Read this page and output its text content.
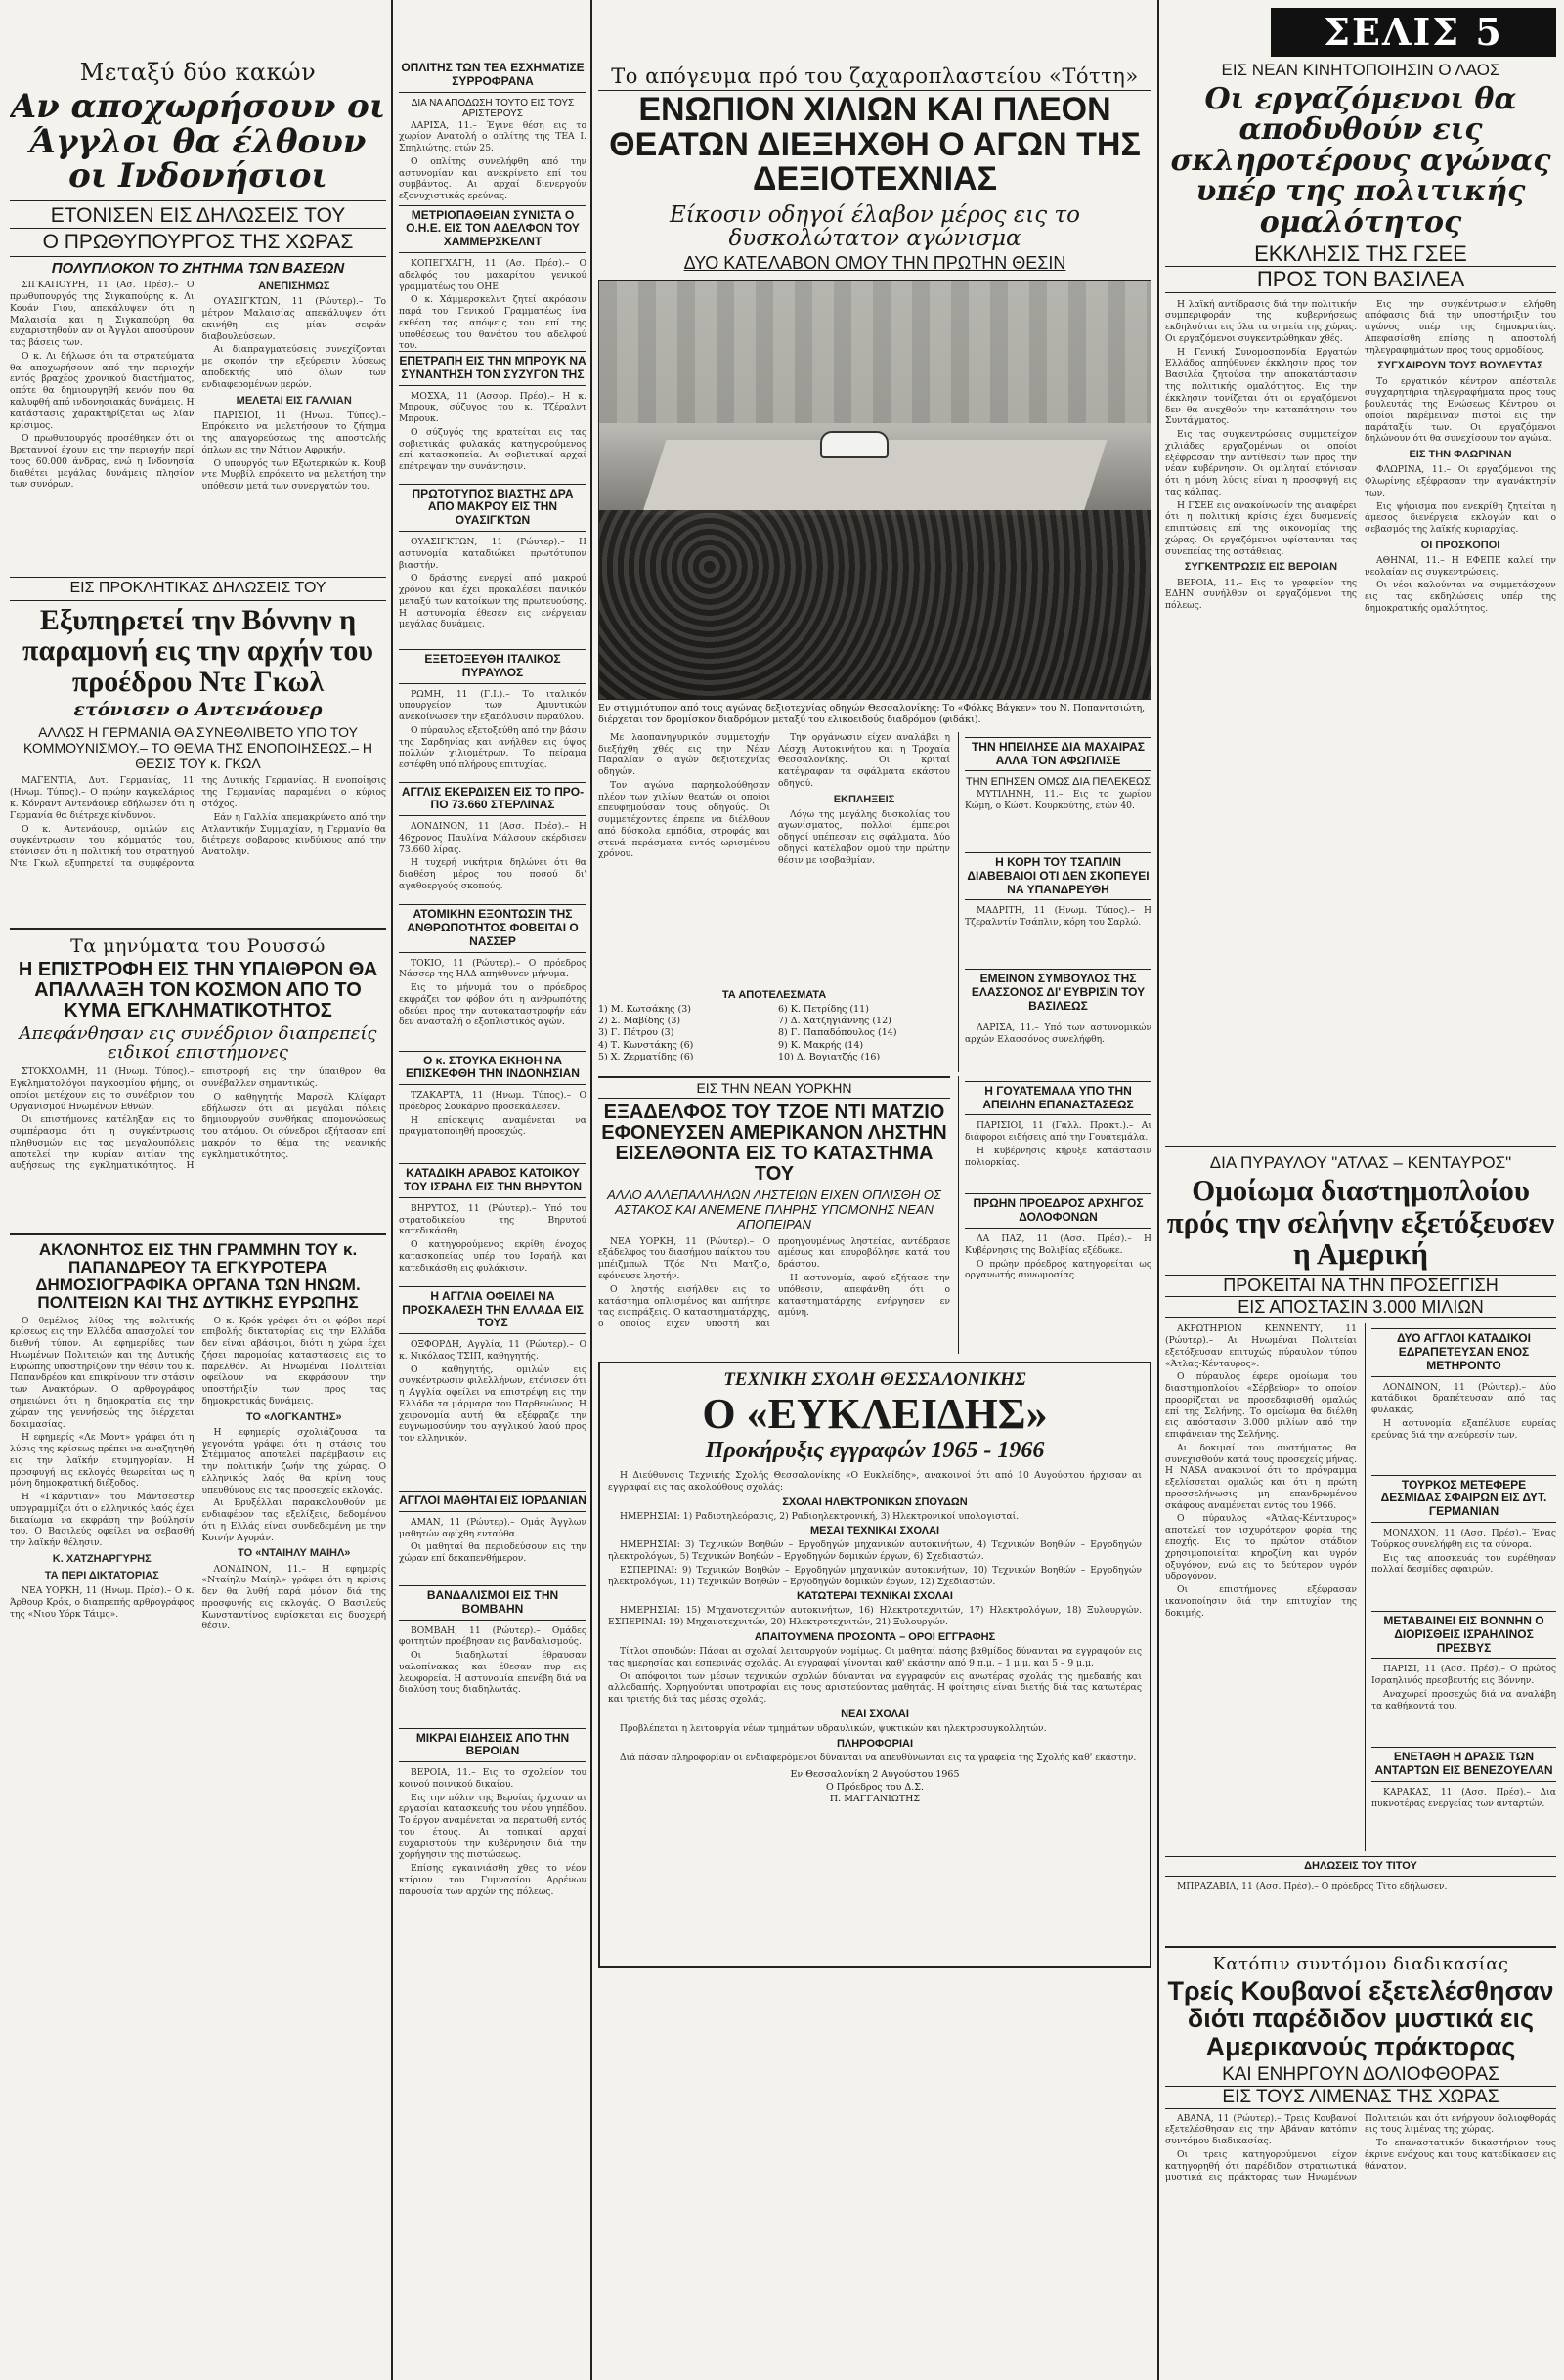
Μεταξύ δύο κακών
Αν αποχωρήσουν οι Άγγλοι θα έλθουν οι Ινδονήσιοι
ΕΤΟΝΙΣΕΝ ΕΙΣ ΔΗΛΩΣΕΙΣ ΤΟΥ
Ο ΠΡΩΘΥΠΟΥΡΓΟΣ ΤΗΣ ΧΩΡΑΣ
ΠΟΛΥΠΛΟΚΟΝ ΤΟ ΖΗΤΗΜΑ ΤΩΝ ΒΑΣΕΩΝ

ΣΙΓΚΑΠΟΥΡΗ, 11 (Ασ. Πρέσ).– Ο πρωθυπουργός της Σιγκαπούρης κ. Λι Κουάν Γιου, απεκάλυψεν ότι η Μαλαισία και η Σιγκαπούρη θα ευχαριστηθούν αν οι Άγγλοι αποσύρουν τας βάσεις των.

Ο κ. Λι δήλωσε ότι τα στρατεύματα θα αποχωρήσουν από την περιοχήν εντός βραχέος χρονικού διαστήματος, οπότε θα δημιουργηθή κενόν που θα καλυφθή από ινδονησιακάς δυνάμεις. Η κατάστασις χαρακτηρίζεται ως λίαν κρίσιμος.

Ο πρωθυπουργός προσέθηκεν ότι οι Βρεταννοί έχουν εις την περιοχήν περί τους 60.000 άνδρας, ενώ η Ινδονησία διαθέτει μεγάλας δυνάμεις πλησίον των συνόρων.

ΑΝΕΠΙΣΗΜΩΣ

ΟΥΑΣΙΓΚΤΩΝ, 11 (Ρώυτερ).– Το μέτρον Μαλαισίας απεκάλυψεν ότι εκινήθη εις μίαν σειράν διαβουλεύσεων.

Αι διαπραγματεύσεις συνεχίζονται με σκοπόν την εξεύρεσιν λύσεως αποδεκτής υπό όλων των ενδιαφερομένων μερών.

ΜΕΛΕΤΑΙ ΕΙΣ ΓΑΛΛΙΑΝ

ΠΑΡΙΣΙΟΙ, 11 (Ηνωμ. Τύπος).– Επρόκειτο να μελετήσουν το ζήτημα της απαγορεύσεως της αποστολής όπλων εις την Νότιον Αφρικήν.

Ο υπουργός των Εξωτερικών κ. Κουβ ντε Μυρβίλ επρόκειτο να μελετήση την υπόθεσιν μετά των συνεργατών του.

ΕΙΣ ΠΡΟΚΛΗΤΙΚΑΣ ΔΗΛΩΣΕΙΣ ΤΟΥ
Εξυπηρετεί την Βόννην η παραμονή εις την αρχήν του προέδρου Ντε Γκωλ
ετόνισεν ο Αντενάουερ
ΑΛΛΩΣ Η ΓΕΡΜΑΝΙΑ ΘΑ ΣΥΝΕΘΛΙΒΕΤΟ ΥΠΟ ΤΟΥ ΚΟΜΜΟΥΝΙΣΜΟΥ.– ΤΟ ΘΕΜΑ ΤΗΣ ΕΝΟΠΟΙΗΣΕΩΣ.– Η ΘΕΣΙΣ ΤΟΥ κ. ΓΚΩΛ

ΜΑΓΕΝΤΙΑ, Δυτ. Γερμανίας, 11 (Ηνωμ. Τύπος).– Ο πρώην καγκελάριος κ. Κόνραντ Αντενάουερ εδήλωσεν ότι η Γερμανία θα διέτρεχε κίνδυνον.

Ο κ. Αντενάουερ, ομιλών εις συγκέντρωσιν του κόμματός του, ετόνισεν ότι η πολιτική του στρατηγού Ντε Γκωλ εξυπηρετεί τα συμφέροντα της Δυτικής Γερμανίας. Η ενοποίησις της Γερμανίας παραμένει ο κύριος στόχος.

Εάν η Γαλλία απεμακρύνετο από την Ατλαντικήν Συμμαχίαν, η Γερμανία θα διέτρεχε σοβαρούς κινδύνους από την Ανατολήν.

Τα μηνύματα του Ρουσσώ
Η ΕΠΙΣΤΡΟΦΗ ΕΙΣ ΤΗΝ ΥΠΑΙΘΡΟΝ ΘΑ ΑΠΑΛΛΑΞΗ ΤΟΝ ΚΟΣΜΟΝ ΑΠΟ ΤΟ ΚΥΜΑ ΕΓΚΛΗΜΑΤΙΚΟΤΗΤΟΣ
Απεφάνθησαν εις συνέδριον διαπρεπείς ειδικοί επιστήμονες

ΣΤΟΚΧΟΛΜΗ, 11 (Ηνωμ. Τύπος).– Εγκληματολόγοι παγκοσμίου φήμης, οι οποίοι μετέχουν εις το συνέδριον του Οργανισμού Ηνωμένων Εθνών.

Οι επιστήμονες κατέληξαν εις το συμπέρασμα ότι η συγκέντρωσις πληθυσμών εις τας μεγαλουπόλεις αποτελεί την κυρίαν αιτίαν της αυξήσεως της εγκληματικότητος. Η επιστροφή εις την ύπαιθρον θα συνέβαλλεν σημαντικώς.

Ο καθηγητής Μαρσέλ Κλίφαρτ εδήλωσεν ότι αι μεγάλαι πόλεις δημιουργούν συνθήκας απομονώσεως του ατόμου. Οι σύνεδροι εξήτασαν επί μακρόν το θέμα της νεανικής εγκληματικότητος.

ΑΚΛΟΝΗΤΟΣ ΕΙΣ ΤΗΝ ΓΡΑΜΜΗΝ ΤΟΥ κ. ΠΑΠΑΝΔΡΕΟΥ ΤΑ ΕΓΚΥΡΟΤΕΡΑ ΔΗΜΟΣΙΟΓΡΑΦΙΚΑ ΟΡΓΑΝΑ ΤΩΝ ΗΝΩΜ. ΠΟΛΙΤΕΙΩΝ ΚΑΙ ΤΗΣ ΔΥΤΙΚΗΣ ΕΥΡΩΠΗΣ

Ο θεμέλιος λίθος της πολιτικής κρίσεως εις την Ελλάδα απασχολεί τον διεθνή τύπον. Αι εφημερίδες των Ηνωμένων Πολιτειών και της Δυτικής Ευρώπης υποστηρίζουν την θέσιν του κ. Παπανδρέου και επικρίνουν την στάσιν των Ανακτόρων. Ο αρθρογράφος σημειώνει ότι η δημοκρατία εις την χώραν της γεννήσεώς της διέρχεται δοκιμασίας.

Η εφημερίς «Λε Μοντ» γράφει ότι η λύσις της κρίσεως πρέπει να αναζητηθή εις την λαϊκήν ετυμηγορίαν. Η προσφυγή εις εκλογάς θεωρείται ως η μόνη δημοκρατική διέξοδος.

Η «Γκάρντιαν» του Μάντσεστερ υπογραμμίζει ότι ο ελληνικός λαός έχει δικαίωμα να εκφράση την βούλησίν του. Ο Βασιλεύς οφείλει να σεβασθή την λαϊκήν θέλησιν.

Κ. ΧΑΤΖΗΑΡΓΥΡΗΣ
ΤΑ ΠΕΡΙ ΔΙΚΤΑΤΟΡΙΑΣ

ΝΕΑ ΥΟΡΚΗ, 11 (Ηνωμ. Πρέσ).– Ο κ. Άρθουρ Κρόκ, ο διαπρεπής αρθρογράφος της «Νιου Υόρκ Τάιμς».

Ο κ. Κρόκ γράφει ότι οι φόβοι περί επιβολής δικτατορίας εις την Ελλάδα δεν είναι αβάσιμοι, διότι η χώρα έχει ζήσει παρομοίας καταστάσεις εις το παρελθόν. Αι Ηνωμέναι Πολιτείαι οφείλουν να εκφράσουν την υποστήριξίν των προς τας δημοκρατικάς δυνάμεις.

ΤΟ «ΛΟΓΚΑΝΤΗΣ»

Η εφημερίς σχολιάζουσα τα γεγονότα γράφει ότι η στάσις του Στέμματος αποτελεί παρέμβασιν εις την πολιτικήν ζωήν της χώρας. Ο ελληνικός λαός θα κρίνη τους υπευθύνους εις τας προσεχείς εκλογάς.

Αι Βρυξέλλαι παρακολουθούν με ενδιαφέρον τας εξελίξεις, δεδομένου ότι η Ελλάς είναι συνδεδεμένη με την Κοινήν Αγοράν.

ΤΟ «ΝΤΑΙΗΛΥ ΜΑΙΗΛ»

ΛΟΝΔΙΝΟΝ, 11.– Η εφημερίς «Νταίηλυ Μαίηλ» γράφει ότι η κρίσις δεν θα λυθή παρά μόνον διά της προσφυγής εις εκλογάς. Ο Βασιλεύς Κωνσταντίνος ευρίσκεται εις δυσχερή θέσιν.

ΟΠΛΙΤΗΣ ΤΩΝ ΤΕΑ ΕΣΧΗΜΑΤΙΣΕ ΣΥΡΡΟΦΡΑΝΑ
ΔΙΑ ΝΑ ΑΠΟΔΩΣΗ ΤΟΥΤΟ ΕΙΣ ΤΟΥΣ ΑΡΙΣΤΕΡΟΥΣ

ΛΑΡΙΣΑ, 11.– Έγινε θέση εις το χωρίον Ανατολή ο οπλίτης της ΤΕΑ Ι. Σπηλιώτης, ετών 25.

Ο οπλίτης συνελήφθη από την αστυνομίαν και ανεκρίνετο επί του συμβάντος. Αι αρχαί διενεργούν εξονυχιστικάς ερεύνας.

ΜΕΤΡΙΟΠΑΘΕΙΑΝ ΣΥΝΙΣΤΑ Ο Ο.Η.Ε. ΕΙΣ ΤΟΝ ΑΔΕΛΦΟΝ ΤΟΥ ΧΑΜΜΕΡΣΚΕΛΝΤ

ΚΟΠΕΓΧΑΓΗ, 11 (Ασ. Πρέσ).– Ο αδελφός του μακαρίτου γενικού γραμματέως του ΟΗΕ.

Ο κ. Χάμμερσκελντ ζητεί ακρόασιν παρά του Γενικού Γραμματέως ίνα εκθέση τας απόψεις του επί της υποθέσεως του θανάτου του αδελφού του.

ΕΠΕΤΡΑΠΗ ΕΙΣ ΤΗΝ ΜΠΡΟΥΚ ΝΑ ΣΥΝΑΝΤΗΣΗ ΤΟΝ ΣΥΖΥΓΟΝ ΤΗΣ

ΜΟΣΧΑ, 11 (Ασσορ. Πρέσ).– Η κ. Μπρουκ, σύζυγος του κ. Τζέραλντ Μπρουκ.

Ο σύζυγός της κρατείται εις τας σοβιετικάς φυλακάς κατηγορούμενος επί κατασκοπεία. Αι σοβιετικαί αρχαί επέτρεψαν την συνάντησιν.

ΠΡΩΤΟΤΥΠΟΣ ΒΙΑΣΤΗΣ ΔΡΑ ΑΠΟ ΜΑΚΡΟΥ ΕΙΣ ΤΗΝ ΟΥΑΣΙΓΚΤΩΝ

ΟΥΑΣΙΓΚΤΩΝ, 11 (Ρώυτερ).– Η αστυνομία καταδιώκει πρωτότυπον βιαστήν.

Ο δράστης ενεργεί από μακρού χρόνου και έχει προκαλέσει πανικόν μεταξύ των κατοίκων της πρωτευούσης. Η αστυνομία έθεσεν εις ενέργειαν μεγάλας δυνάμεις.

ΕΞΕΤΟΞΕΥΘΗ ΙΤΑΛΙΚΟΣ ΠΥΡΑΥΛΟΣ

ΡΩΜΗ, 11 (Γ.Ι.).– Το ιταλικόν υπουργείον των Αμυντικών ανεκοίνωσεν την εξαπόλυσιν πυραύλου.

Ο πύραυλος εξετοξεύθη από την βάσιν της Σαρδηνίας και ανήλθεν εις ύψος πολλών χιλιομέτρων. Το πείραμα εστέφθη υπό πλήρους επιτυχίας.

ΑΓΓΛΙΣ ΕΚΕΡΔΙΣΕΝ ΕΙΣ ΤΟ ΠΡΟ-ΠΟ 73.660 ΣΤΕΡΛΙΝΑΣ

ΛΟΝΔΙΝΟΝ, 11 (Ασσ. Πρέσ).– Η 46χρονος Παυλίνα Μάλσουν εκέρδισεν 73.660 λίρας.

Η τυχερή νικήτρια δηλώνει ότι θα διαθέση μέρος του ποσού δι' αγαθοεργούς σκοπούς.

ΑΤΟΜΙΚΗΝ ΕΞΟΝΤΩΣΙΝ ΤΗΣ ΑΝΘΡΩΠΟΤΗΤΟΣ ΦΟΒΕΙΤΑΙ Ο ΝΑΣΣΕΡ

ΤΟΚΙΟ, 11 (Ρώυτερ).– Ο πρόεδρος Νάσσερ της ΗΑΔ απηύθυνεν μήνυμα.

Εις το μήνυμά του ο πρόεδρος εκφράζει τον φόβον ότι η ανθρωπότης οδεύει προς την αυτοκαταστροφήν εάν δεν ανασταλή ο εξοπλιστικός αγών.

Ο κ. ΣΤΟΥΚΑ ΕΚΗΘΗ ΝΑ ΕΠΙΣΚΕΦΘΗ ΤΗΝ ΙΝΔΟΝΗΣΙΑΝ

ΤΖΑΚΑΡΤΑ, 11 (Ηνωμ. Τύπος).– Ο πρόεδρος Σουκάρνο προσεκάλεσεν.

Η επίσκεψις αναμένεται να πραγματοποιηθή προσεχώς.

ΚΑΤΑΔΙΚΗ ΑΡΑΒΟΣ ΚΑΤΟΙΚΟΥ ΤΟΥ ΙΣΡΑΗΛ ΕΙΣ ΤΗΝ ΒΗΡΥΤΟΝ

ΒΗΡΥΤΟΣ, 11 (Ρώυτερ).– Υπό του στρατοδικείου της Βηρυτού κατεδικάσθη.

Ο κατηγορούμενος εκρίθη ένοχος κατασκοπείας υπέρ του Ισραήλ και κατεδικάσθη εις φυλάκισιν.

Η ΑΓΓΛΙΑ ΟΦΕΙΛΕΙ ΝΑ ΠΡΟΣΚΑΛΕΣΗ ΤΗΝ ΕΛΛΑΔΑ ΕΙΣ ΤΟΥΣ

ΟΞΦΟΡΔΗ, Αγγλία, 11 (Ρώυτερ).– Ο κ. Νικόλαος ΤΣΙΠ, καθηγητής.

Ο καθηγητής, ομιλών εις συγκέντρωσιν φιλελλήνων, ετόνισεν ότι η Αγγλία οφείλει να επιστρέψη εις την Ελλάδα τα μάρμαρα του Παρθενώνος. Η χειρονομία αυτή θα εξέφραζε την ευγνωμοσύνην του αγγλικού λαού προς τον ελληνικόν.

ΑΓΓΛΟΙ ΜΑΘΗΤΑΙ ΕΙΣ ΙΟΡΔΑΝΙΑΝ

ΑΜΑΝ, 11 (Ρώυτερ).– Ομάς Άγγλων μαθητών αφίχθη ενταύθα.

Οι μαθηταί θα περιοδεύσουν εις την χώραν επί δεκαπενθήμερον.

ΒΑΝΔΑΛΙΣΜΟΙ ΕΙΣ ΤΗΝ ΒΟΜΒΑΗΝ

ΒΟΜΒΑΗ, 11 (Ρώυτερ).– Ομάδες φοιτητών προέβησαν εις βανδαλισμούς.

Οι διαδηλωταί έθραυσαν υαλοπίνακας και έθεσαν πυρ εις λεωφορεία. Η αστυνομία επενέβη διά να διαλύση τους διαδηλωτάς.

ΜΙΚΡΑΙ ΕΙΔΗΣΕΙΣ ΑΠΟ ΤΗΝ ΒΕΡΟΙΑΝ

ΒΕΡΟΙΑ, 11.– Εις το σχολείον του κοινού ποινικού δικαίου.

Εις την πόλιν της Βεροίας ήρχισαν αι εργασίαι κατασκευής του νέου γηπέδου. Το έργον αναμένεται να περατωθή εντός του έτους. Αι τοπικαί αρχαί ευχαριστούν την κυβέρνησιν διά την χορήγησιν της πιστώσεως.

Επίσης εγκαινιάσθη χθες το νέον κτίριον του Γυμνασίου Αρρένων παρουσία των αρχών της πόλεως.

Το απόγευμα πρό του ζαχαροπλαστείου «Τόττη»
ΕΝΩΠΙΟΝ ΧΙΛΙΩΝ ΚΑΙ ΠΛΕΟΝ ΘΕΑΤΩΝ ΔΙΕΞΗΧΘΗ Ο ΑΓΩΝ ΤΗΣ ΔΕΞΙΟΤΕΧΝΙΑΣ
Είκοσιν οδηγοί έλαβον μέρος εις το δυσκολώτατον αγώνισμα
ΔΥΟ ΚΑΤΕΛΑΒΟΝ ΟΜΟΥ ΤΗΝ ΠΡΩΤΗΝ ΘΕΣΙΝ
Εν στιγμιότυπον από τους αγώνας δεξιοτεχνίας οδηγών Θεσσαλονίκης: Το «Φόλκς Βάγκεν» του Ν. Ποπανιτσιώτη, διέρχεται τον δρομίσκον διαδρόμων μεταξύ του ελικοειδούς διαδρόμου (φιδάκι).

Με λαοπανηγυρικόν συμμετοχήν διεξήχθη χθές εις την Νέαν Παραλίαν ο αγών δεξιοτεχνίας οδηγών.

Τον αγώνα παρηκολούθησαν πλέον των χιλίων θεατών οι οποίοι επευφημούσαν τους οδηγούς. Οι συμμετέχοντες έπρεπε να διέλθουν από δύσκολα εμπόδια, στροφάς και στενά περάσματα εντός ωρισμένου χρόνου.

Την οργάνωσιν είχεν αναλάβει η Λέσχη Αυτοκινήτου και η Τροχαία Θεσσαλονίκης. Οι κριταί κατέγραφαν τα σφάλματα εκάστου οδηγού.

ΕΚΠΛΗΞΕΙΣ

Λόγω της μεγάλης δυσκολίας του αγωνίσματος, πολλοί έμπειροι οδηγοί υπέπεσαν εις σφάλματα. Δύο οδηγοί κατέλαβον ομού την πρώτην θέσιν με ισοβαθμίαν.

ΤΑ ΑΠΟΤΕΛΕΣΜΑΤΑ
1) Μ. Κωτσάκης (3)
2) Σ. Μαβίδης (3)
3) Γ. Πέτρου (3)
4) Τ. Κωνστάκης (6)
5) Χ. Ζερματίδης (6)
6) Κ. Πετρίδης (11)
7) Δ. Χατζηγιάννης (12)
8) Γ. Παπαδόπουλος (14)
9) Κ. Μακρής (14)
10) Δ. Βογιατζής (16)
ΤΗΝ ΗΠΕΙΛΗΣΕ ΔΙΑ ΜΑΧΑΙΡΑΣ ΑΛΛΑ ΤΟΝ ΑΦΩΠΛΙΣΕ
ΤΗΝ ΕΠΗΣΕΝ ΟΜΩΣ ΔΙΑ ΠΕΛΕΚΕΩΣ

ΜΥΤΙΛΗΝΗ, 11.– Εις το χωρίον Κώμη, ο Κώστ. Κουρκούτης, ετών 40.

Η ΚΟΡΗ ΤΟΥ ΤΣΑΠΛΙΝ ΔΙΑΒΕΒΑΙΟΙ ΟΤΙ ΔΕΝ ΣΚΟΠΕΥΕΙ ΝΑ ΥΠΑΝΔΡΕΥΘΗ

ΜΑΔΡΙΤΗ, 11 (Ηνωμ. Τύπος).– Η Τζεραλντίν Τσάπλιν, κόρη του Σαρλώ.

ΕΜΕΙΝΟΝ ΣΥΜΒΟΥΛΟΣ ΤΗΣ ΕΛΑΣΣΟΝΟΣ ΔΙ' ΕΥΒΡΙΣΙΝ ΤΟΥ ΒΑΣΙΛΕΩΣ

ΛΑΡΙΣΑ, 11.– Υπό των αστυνομικών αρχών Ελασσόνος συνελήφθη.

ΕΙΣ ΤΗΝ ΝΕΑΝ ΥΟΡΚΗΝ
ΕΞΑΔΕΛΦΟΣ ΤΟΥ ΤΖΟΕ ΝΤΙ ΜΑΤΖΙΟ ΕΦΟΝΕΥΣΕΝ ΑΜΕΡΙΚΑΝΟΝ ΛΗΣΤΗΝ ΕΙΣΕΛΘΟΝΤΑ ΕΙΣ ΤΟ ΚΑΤΑΣΤΗΜΑ ΤΟΥ
ΑΛΛΟ ΑΛΛΕΠΑΛΛΗΛΩΝ ΛΗΣΤΕΙΩΝ ΕΙΧΕΝ ΟΠΛΙΣΘΗ ΟΣ ΑΣΤΑΚΟΣ ΚΑΙ ΑΝΕΜΕΝΕ ΠΛΗΡΗΣ ΥΠΟΜΟΝΗΣ ΝΕΑΝ ΑΠΟΠΕΙΡΑΝ

ΝΕΑ ΥΟΡΚΗ, 11 (Ρώυτερ).– Ο εξάδελφος του διασήμου παίκτου του μπέιζμπωλ Τζόε Ντι Ματζιο, εφόνευσε ληστήν.

Ο ληστής εισήλθεν εις το κατάστημα οπλισμένος και απήτησε τας εισπράξεις. Ο καταστηματάρχης, ο οποίος είχεν υποστή και προηγουμένως ληστείας, αντέδρασε αμέσως και επυροβόλησε κατά του δράστου.

Η αστυνομία, αφού εξήτασε την υπόθεσιν, απεφάνθη ότι ο καταστηματάρχης ενήργησεν εν αμύνη.

Η ΓΟΥΑΤΕΜΑΛΑ ΥΠΟ ΤΗΝ ΑΠΕΙΛΗΝ ΕΠΑΝΑΣΤΑΣΕΩΣ

ΠΑΡΙΣΙΟΙ, 11 (Γαλλ. Πρακτ.).– Αι διάφοροι ειδήσεις από την Γουατεμάλα.

Η κυβέρνησις κήρυξε κατάστασιν πολιορκίας.

ΠΡΩΗΝ ΠΡΟΕΔΡΟΣ ΑΡΧΗΓΟΣ ΔΟΛΟΦΟΝΩΝ

ΛΑ ΠΑΖ, 11 (Ασσ. Πρέσ).– Η Κυβέρνησις της Βολιβίας εξέδωκε.

Ο πρώην πρόεδρος κατηγορείται ως οργανωτής συνωμοσίας.

ΤΕΧΝΙΚΗ ΣΧΟΛΗ ΘΕΣΣΑΛΟΝΙΚΗΣ
Ο «ΕΥΚΛΕΙΔΗΣ»
Προκήρυξις εγγραφών 1965 - 1966

Η Διεύθυνσις Τεχνικής Σχολής Θεσσαλονίκης «Ο Ευκλείδης», ανακοινοί ότι από 10 Αυγούστου ήρχισαν αι εγγραφαί εις τας ακολούθους σχολάς:

ΣΧΟΛΑΙ ΗΛΕΚΤΡΟΝΙΚΩΝ ΣΠΟΥΔΩΝ

ΗΜΕΡΗΣΙΑΙ: 1) Ραδιοτηλεόρασις, 2) Ραδιοηλεκτρονική, 3) Ηλεκτρονικοί υπολογισταί.

ΜΕΣΑΙ ΤΕΧΝΙΚΑΙ ΣΧΟΛΑΙ

ΗΜΕΡΗΣΙΑΙ: 3) Τεχνικών Βοηθών – Εργοδηγών μηχανικών αυτοκινήτων, 4) Τεχνικών Βοηθών – Εργοδηγών ηλεκτρολόγων, 5) Τεχνικών Βοηθών – Εργοδηγών δομικών έργων, 6) Σχεδιαστών.

ΕΣΠΕΡΙΝΑΙ: 9) Τεχνικών Βοηθών – Εργοδηγών μηχανικών αυτοκινήτων, 10) Τεχνικών Βοηθών – Εργοδηγών ηλεκτρολόγων, 11) Τεχνικών Βοηθών – Εργοδηγών δομικών έργων, 12) Σχεδιαστών.

ΚΑΤΩΤΕΡΑΙ ΤΕΧΝΙΚΑΙ ΣΧΟΛΑΙ

ΗΜΕΡΗΣΙΑΙ: 15) Μηχανοτεχνιτών αυτοκινήτων, 16) Ηλεκτροτεχνιτών, 17) Ηλεκτρολόγων, 18) Ξυλουργών. ΕΣΠΕΡΙΝΑΙ: 19) Μηχανοτεχνιτών, 20) Ηλεκτροτεχνιτών, 21) Ξυλουργών.

ΑΠΑΙΤΟΥΜΕΝΑ ΠΡΟΣΟΝΤΑ – ΟΡΟΙ ΕΓΓΡΑΦΗΣ

Τίτλοι σπουδών: Πάσαι αι σχολαί λειτουργούν νομίμως. Οι μαθηταί πάσης βαθμίδος δύνανται να εγγραφούν εις τας ημερησίας και εσπερινάς σχολάς. Αι εγγραφαί γίνονται καθ' εκάστην από 9 π.μ. – 1 μ.μ. και 5 – 9 μ.μ.

Οι απόφοιτοι των μέσων τεχνικών σχολών δύνανται να εγγραφούν εις ανωτέρας σχολάς της ημεδαπής και αλλοδαπής. Χορηγούνται υποτροφίαι εις τους αριστεύοντας μαθητάς. Η φοίτησις είναι διετής διά τας κατωτέρας και τριετής διά τας μέσας σχολάς.

ΝΕΑΙ ΣΧΟΛΑΙ

Προβλέπεται η λειτουργία νέων τμημάτων υδραυλικών, ψυκτικών και ηλεκτροσυγκολλητών.

ΠΛΗΡΟΦΟΡΙΑΙ

Διά πάσαν πληροφορίαν οι ενδιαφερόμενοι δύνανται να απευθύνωνται εις τα γραφεία της Σχολής καθ' εκάστην.

Εν Θεσσαλονίκη 2 Αυγούστου 1965
Ο Πρόεδρος του Δ.Σ.
Π. ΜΑΓΓΑΝΙΩΤΗΣ
ΕΙΣ ΝΕΑΝ ΚΙΝΗΤΟΠΟΙΗΣΙΝ Ο ΛΑΟΣ
Οι εργαζόμενοι θα αποδυθούν εις σκληροτέρους αγώνας υπέρ της πολιτικής ομαλότητος
ΕΚΚΛΗΣΙΣ ΤΗΣ ΓΣΕΕ
ΠΡΟΣ ΤΟΝ ΒΑΣΙΛΕΑ

Η λαϊκή αντίδρασις διά την πολιτικήν συμπεριφοράν της κυβερνήσεως εκδηλούται εις όλα τα σημεία της χώρας. Οι εργαζόμενοι συγκεντρώθηκαν χθές.

Η Γενική Συνομοσπονδία Εργατών Ελλάδος απηύθυνεν έκκλησιν προς τον Βασιλέα ζητούσα την αποκατάστασιν της πολιτικής ομαλότητος. Εις την έκκλησιν τονίζεται ότι οι εργαζόμενοι δεν θα ανεχθούν την καταπάτησιν του Συντάγματος.

Εις τας συγκεντρώσεις συμμετείχον χιλιάδες εργαζομένων οι οποίοι εξέφρασαν την αντίθεσίν των προς την νέαν κυβέρνησιν. Οι ομιληταί ετόνισαν ότι η μόνη λύσις είναι η προσφυγή εις τας κάλπας.

Η ΓΣΕΕ εις ανακοίνωσίν της αναφέρει ότι η πολιτική κρίσις έχει δυσμενείς επιπτώσεις επί της οικονομίας της χώρας. Οι εργαζόμενοι υφίστανται τας συνεπείας της αστάθειας.

ΣΥΓΚΕΝΤΡΩΣΙΣ ΕΙΣ ΒΕΡΟΙΑΝ

ΒΕΡΟΙΑ, 11.– Εις το γραφείον της ΕΔΗΝ συνήλθον οι εργαζόμενοι της πόλεως.

Εις την συγκέντρωσιν ελήφθη απόφασις διά την υποστήριξιν του αγώνος υπέρ της δημοκρατίας. Απεφασίσθη επίσης η αποστολή τηλεγραφημάτων προς τους αρμοδίους.

ΣΥΓΧΑΙΡΟΥΝ ΤΟΥΣ ΒΟΥΛΕΥΤΑΣ

Το εργατικόν κέντρον απέστειλε συγχαρητήρια τηλεγραφήματα προς τους βουλευτάς της Ενώσεως Κέντρου οι οποίοι παρέμειναν πιστοί εις την παράταξίν των. Οι εργαζόμενοι δηλώνουν ότι θα συνεχίσουν τον αγώνα.

ΕΙΣ ΤΗΝ ΦΛΩΡΙΝΑΝ

ΦΛΩΡΙΝΑ, 11.– Οι εργαζόμενοι της Φλωρίνης εξέφρασαν την αγανάκτησίν των.

Εις ψήφισμα που ενεκρίθη ζητείται η άμεσος διενέργεια εκλογών και ο σεβασμός της λαϊκής κυριαρχίας.

ΟΙ ΠΡΟΣΚΟΠΟΙ

ΑΘΗΝΑΙ, 11.– Η ΕΦΕΠΕ καλεί την νεολαίαν εις συγκεντρώσεις.

Οι νέοι καλούνται να συμμετάσχουν εις τας εκδηλώσεις υπέρ της δημοκρατικής ομαλότητος.

ΔΙΑ ΠΥΡΑΥΛΟΥ "ΑΤΛΑΣ – ΚΕΝΤΑΥΡΟΣ"
Ομοίωμα διαστημοπλοίου πρός την σελήνην εξετόξευσεν η Αμερική
ΠΡΟΚΕΙΤΑΙ ΝΑ ΤΗΝ ΠΡΟΣΕΓΓΙΣΗ
ΕΙΣ ΑΠΟΣΤΑΣΙΝ 3.000 ΜΙΛΙΩΝ

ΑΚΡΩΤΗΡΙΟΝ ΚΕΝΝΕΝΤΥ, 11 (Ρώυτερ).– Αι Ηνωμέναι Πολιτείαι εξετόξευσαν επιτυχώς πύραυλον τύπου «Άτλας-Κένταυρος».

Ο πύραυλος έφερε ομοίωμα του διαστημοπλοίου «Σέρβεϋορ» το οποίον προορίζεται να προσεδαφισθή ομαλώς επί της Σελήνης. Το ομοίωμα θα διέλθη εις απόστασιν 3.000 μιλίων από την επιφάνειαν της Σελήνης.

Αι δοκιμαί του συστήματος θα συνεχισθούν κατά τους προσεχείς μήνας. Η NASA ανακοινοί ότι το πρόγραμμα εξελίσσεται ομαλώς και ότι η πρώτη προσσελήνωσις μη επανδρωμένου σκάφους αναμένεται εντός του 1966.

Ο πύραυλος «Άτλας-Κένταυρος» αποτελεί τον ισχυρότερον φορέα της εποχής. Εις το πρώτον στάδιον χρησιμοποιείται κηροζίνη και υγρόν οξυγόνον, ενώ εις το δεύτερον υγρόν υδρογόνον.

Οι επιστήμονες εξέφρασαν ικανοποίησιν διά την επιτυχίαν της δοκιμής.

ΔΥΟ ΑΓΓΛΟΙ ΚΑΤΑΔΙΚΟΙ ΕΔΡΑΠΕΤΕΥΣΑΝ ΕΝΟΣ ΜΕΤΗΡΟΝΤΟ

ΛΟΝΔΙΝΟΝ, 11 (Ρώυτερ).– Δύο κατάδικοι δραπέτευσαν από τας φυλακάς.

Η αστυνομία εξαπέλυσε ευρείας ερεύνας διά την ανεύρεσίν των.

ΤΟΥΡΚΟΣ ΜΕΤΕΦΕΡΕ ΔΕΣΜΙΔΑΣ ΣΦΑΙΡΩΝ ΕΙΣ ΔΥΤ. ΓΕΡΜΑΝΙΑΝ

ΜΟΝΑΧΟΝ, 11 (Ασσ. Πρέσ).– Ένας Τούρκος συνελήφθη εις τα σύνορα.

Εις τας αποσκευάς του ευρέθησαν πολλαί δεσμίδες σφαιρών.

ΜΕΤΑΒΑΙΝΕΙ ΕΙΣ ΒΟΝΝΗΝ Ο ΔΙΟΡΙΣΘΕΙΣ ΙΣΡΑΗΛΙΝΟΣ ΠΡΕΣΒΥΣ

ΠΑΡΙΣΙ, 11 (Ασσ. Πρέσ).– Ο πρώτος Ισραηλινός πρεσβευτής εις Βόννην.

Αναχωρεί προσεχώς διά να αναλάβη τα καθήκοντά του.

ΕΝΕΤΑΘΗ Η ΔΡΑΣΙΣ ΤΩΝ ΑΝΤΑΡΤΩΝ ΕΙΣ ΒΕΝΕΖΟΥΕΛΑΝ

ΚΑΡΑΚΑΣ, 11 (Ασσ. Πρέσ).– Δια πυκνοτέρας ενεργείας των ανταρτών.

ΔΗΛΩΣΕΙΣ ΤΟΥ ΤΙΤΟΥ

ΜΠΡΑΖΑΒΙΛ, 11 (Ασσ. Πρέσ).– Ο πρόεδρος Τίτο εδήλωσεν.

Κατόπιν συντόμου διαδικασίας
Τρείς Κουβανοί εξετελέσθησαν διότι παρέδιδον μυστικά εις Αμερικανούς πράκτορας
ΚΑΙ ΕΝΗΡΓΟΥΝ ΔΟΛΙΟΦΘΟΡΑΣ
ΕΙΣ ΤΟΥΣ ΛΙΜΕΝΑΣ ΤΗΣ ΧΩΡΑΣ

ΑΒΑΝΑ, 11 (Ρώυτερ).– Τρεις Κουβανοί εξετελέσθησαν εις την Αβάναν κατόπιν συντόμου διαδικασίας.

Οι τρεις κατηγορούμενοι είχον κατηγορηθή ότι παρέδιδον στρατιωτικά μυστικά εις πράκτορας των Ηνωμένων Πολιτειών και ότι ενήργουν δολιοφθοράς εις τους λιμένας της χώρας.

Το επαναστατικόν δικαστήριον τους έκρινε ενόχους και τους κατεδίκασεν εις θάνατον.

ΣΕΛΙΣ 5
